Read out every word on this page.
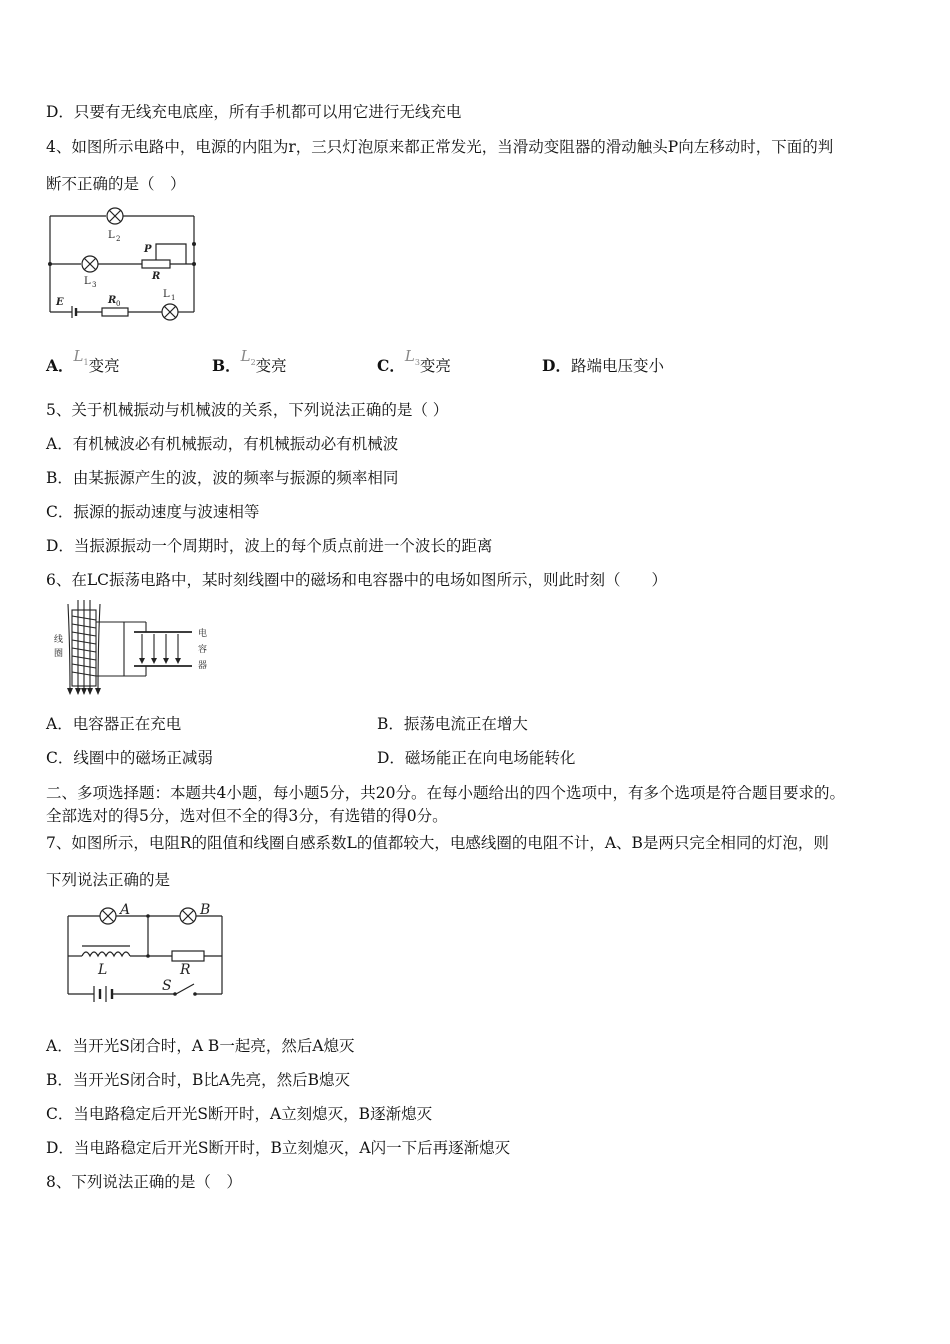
D．只要有无线充电底座，所有手机都可以用它进行无线充电
4、如图所示电路中，电源的内阻为r，三只灯泡原来都正常发光，当滑动变阻器的滑动触头P向左移动时，下面的判
断不正确的是（　）
L 2
P
R
L 3
E	R 0
L 1
A．$L_1$变亮	B．$L_2$变亮	C．$L_3$变亮	D．路端电压变小
5、关于机械振动与机械波的关系，下列说法正确的是（ ）
A．有机械波必有机械振动，有机械振动必有机械波
B．由某振源产生的波，波的频率与振源的频率相同
C．振源的振动速度与波速相等
D．当振源振动一个周期时，波上的每个质点前进一个波长的距离
6、在LC振荡电路中，某时刻线圈中的磁场和电容器中的电场如图所示，则此时刻（　　）
线
圈
电
容
器
A．电容器正在充电	B．振荡电流正在增大
C．线圈中的磁场正减弱	D．磁场能正在向电场能转化
二、多项选择题：本题共4小题，每小题5分，共20分。在每小题给出的四个选项中，有多个选项是符合题目要求的。
全部选对的得5分，选对但不全的得3分，有选错的得0分。
7、如图所示，电阻R的阻值和线圈自感系数L的值都较大，电感线圈的电阻不计，A、B是两只完全相同的灯泡，则
下列说法正确的是
A	B
L	R
S
A．当开光S闭合时，A B一起亮，然后A熄灭
B．当开光S闭合时，B比A先亮，然后B熄灭
C．当电路稳定后开光S断开时，A立刻熄灭，B逐渐熄灭
D．当电路稳定后开光S断开时，B立刻熄灭，A闪一下后再逐渐熄灭
8、下列说法正确的是（　）
